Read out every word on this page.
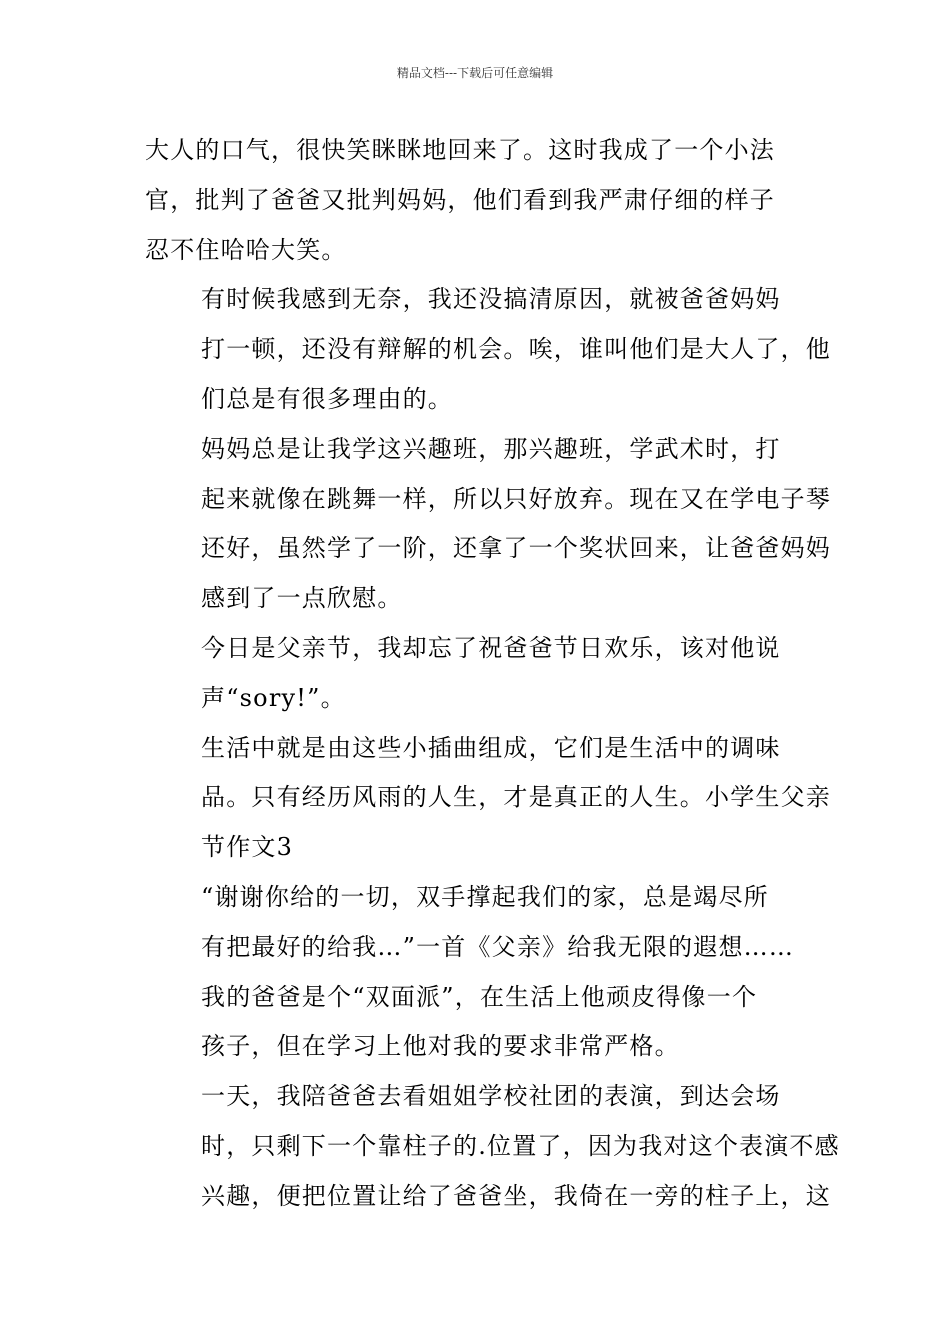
精品文档---下载后可任意编辑

大人的口气，很快笑眯眯地回来了。这时我成了一个小法
官，批判了爸爸又批判妈妈，他们看到我严肃仔细的样子
忍不住哈哈大笑。

有时候我感到无奈，我还没搞清原因，就被爸爸妈妈
打一顿，还没有辩解的机会。唉，谁叫他们是大人了，他
们总是有很多理由的。

妈妈总是让我学这兴趣班，那兴趣班，学武术时，打
起来就像在跳舞一样，所以只好放弃。现在又在学电子琴
还好，虽然学了一阶，还拿了一个奖状回来，让爸爸妈妈
感到了一点欣慰。

今日是父亲节，我却忘了祝爸爸节日欢乐，该对他说
声“sory!”。

生活中就是由这些小插曲组成，它们是生活中的调味
品。只有经历风雨的人生，才是真正的人生。小学生父亲
节作文3

“谢谢你给的一切，双手撑起我们的家，总是竭尽所
有把最好的给我…”一首《父亲》给我无限的遐想……

我的爸爸是个“双面派”，在生活上他顽皮得像一个
孩子，但在学习上他对我的要求非常严格。

一天，我陪爸爸去看姐姐学校社团的表演，到达会场
时，只剩下一个靠柱子的.位置了，因为我对这个表演不感
兴趣，便把位置让给了爸爸坐，我倚在一旁的柱子上，这
